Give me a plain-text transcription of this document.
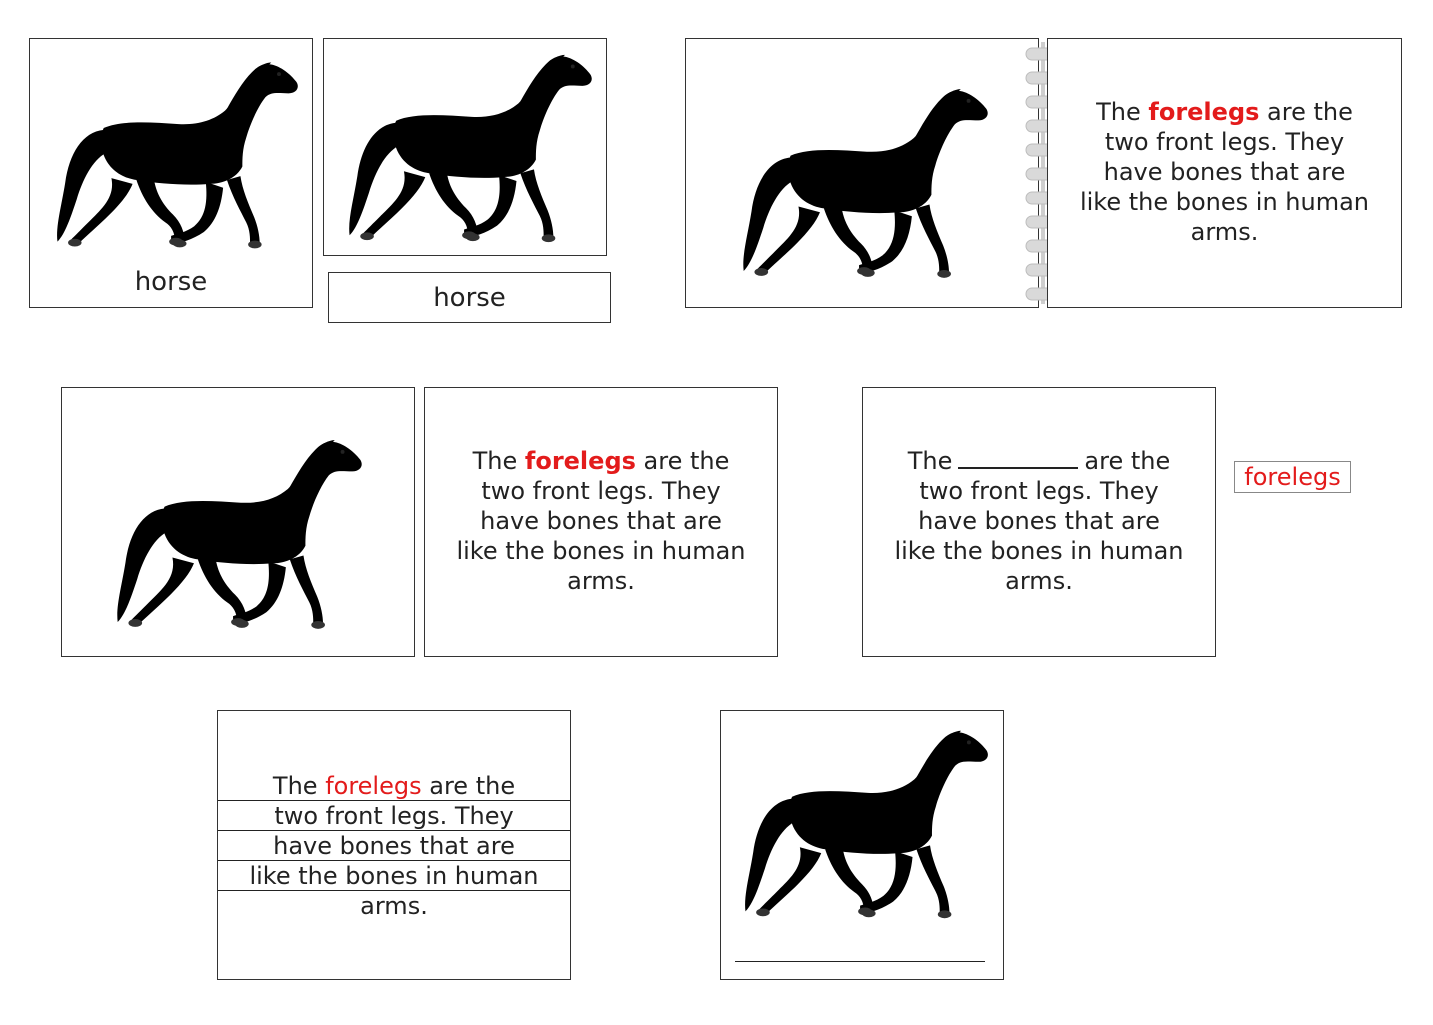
horse
horse
The forelegs are the
two front legs. They
have bones that are
like the bones in human
arms.
The forelegs are the
two front legs. They
have bones that are
like the bones in human
arms.
The	are the
two front legs. They
have bones that are
like the bones in human
arms.
forelegs
The forelegs are the
two front legs. They
have bones that are
like the bones in human
arms.
